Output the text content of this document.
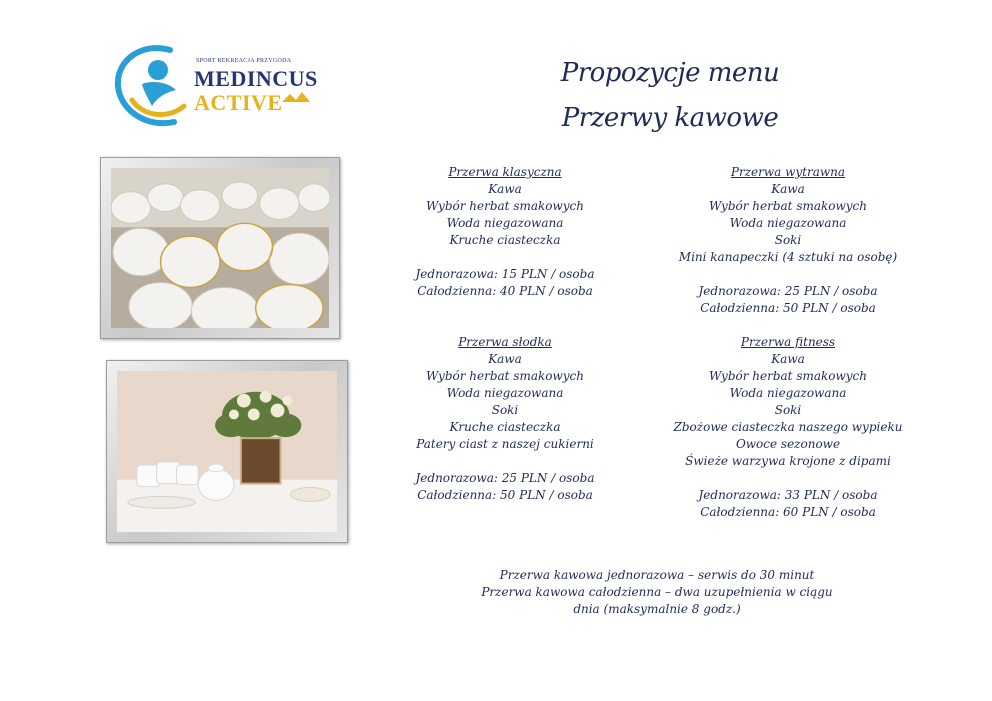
SPORT REKREACJA PRZYGODA
MEDINCUS
ACTIVE
Propozycje menu
Przerwy kawowe
Przerwa klasyczna
Kawa
Wybór herbat smakowych
Woda niegazowana
Kruche ciasteczka
Jednorazowa: 15 PLN / osoba
Całodzienna: 40 PLN / osoba
Przerwa wytrawna
Kawa
Wybór herbat smakowych
Woda niegazowana
Soki
Mini kanapeczki (4 sztuki na osobę)
Jednorazowa: 25 PLN / osoba
Całodzienna: 50 PLN / osoba
Przerwa słodka
Kawa
Wybór herbat smakowych
Woda niegazowana
Soki
Kruche ciasteczka
Patery ciast z naszej cukierni
Jednorazowa: 25 PLN / osoba
Całodzienna: 50 PLN / osoba
Przerwa fitness
Kawa
Wybór herbat smakowych
Woda niegazowana
Soki
Zbożowe ciasteczka naszego wypieku
Owoce sezonowe
Świeże warzywa krojone z dipami
Jednorazowa: 33 PLN / osoba
Całodzienna: 60 PLN / osoba
Przerwa kawowa jednorazowa – serwis do 30 minut
Przerwa kawowa całodzienna – dwa uzupełnienia w ciągu
dnia (maksymalnie 8 godz.)
